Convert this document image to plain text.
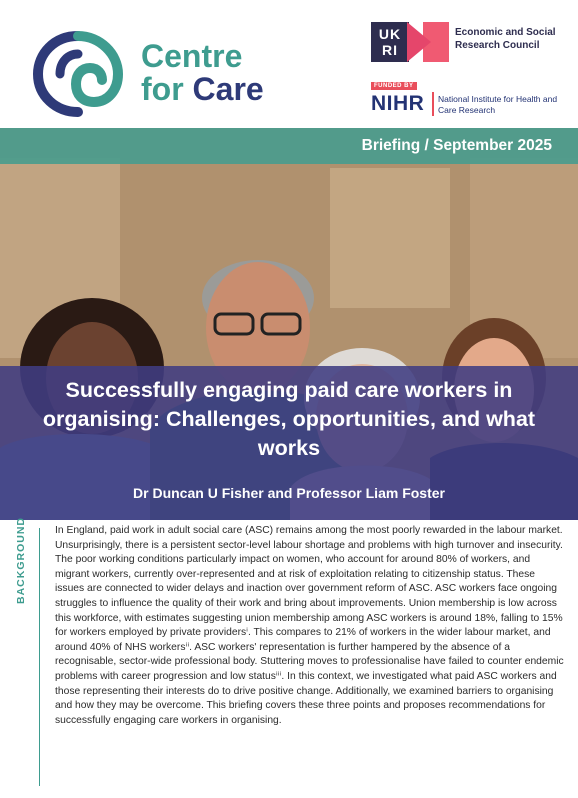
Centre
for Care
UK RI
Economic and Social Research Council
FUNDED BY
NIHR National Institute for Health and Care Research
Briefing / September 2025
Successfully engaging paid care workers in organising: Challenges, opportunities, and what works
Dr Duncan U Fisher and Professor Liam Foster
BACKGROUND	In England, paid work in adult social care (ASC) remains among the most poorly rewarded in the labour market. Unsurprisingly, there is a persistent sector-level labour shortage and problems with high turnover and insecurity. The poor working conditions particularly impact on women, who account for around 80% of workers, and migrant workers, currently over-represented and at risk of exploitation relating to citizenship status. These issues are connected to wider delays and inaction over government reform of ASC. ASC workers face ongoing struggles to influence the quality of their work and bring about improvements. Union membership is low across this workforce, with estimates suggesting union membership among ASC workers is around 18%, falling to 15% for workers employed by private providersⁱ. This compares to 21% of workers in the wider labour market, and around 40% of NHS workersⁱⁱ. ASC workers' representation is further hampered by the absence of a recognisable, sector-wide professional body. Stuttering moves to professionalise have failed to counter endemic problems with career progression and low statusⁱⁱⁱ. In this context, we investigated what paid ASC workers and those representing their interests do to drive positive change. Additionally, we examined barriers to organising and how they may be overcome. This briefing covers these three points and proposes recommendations for successfully engaging care workers in organising.
